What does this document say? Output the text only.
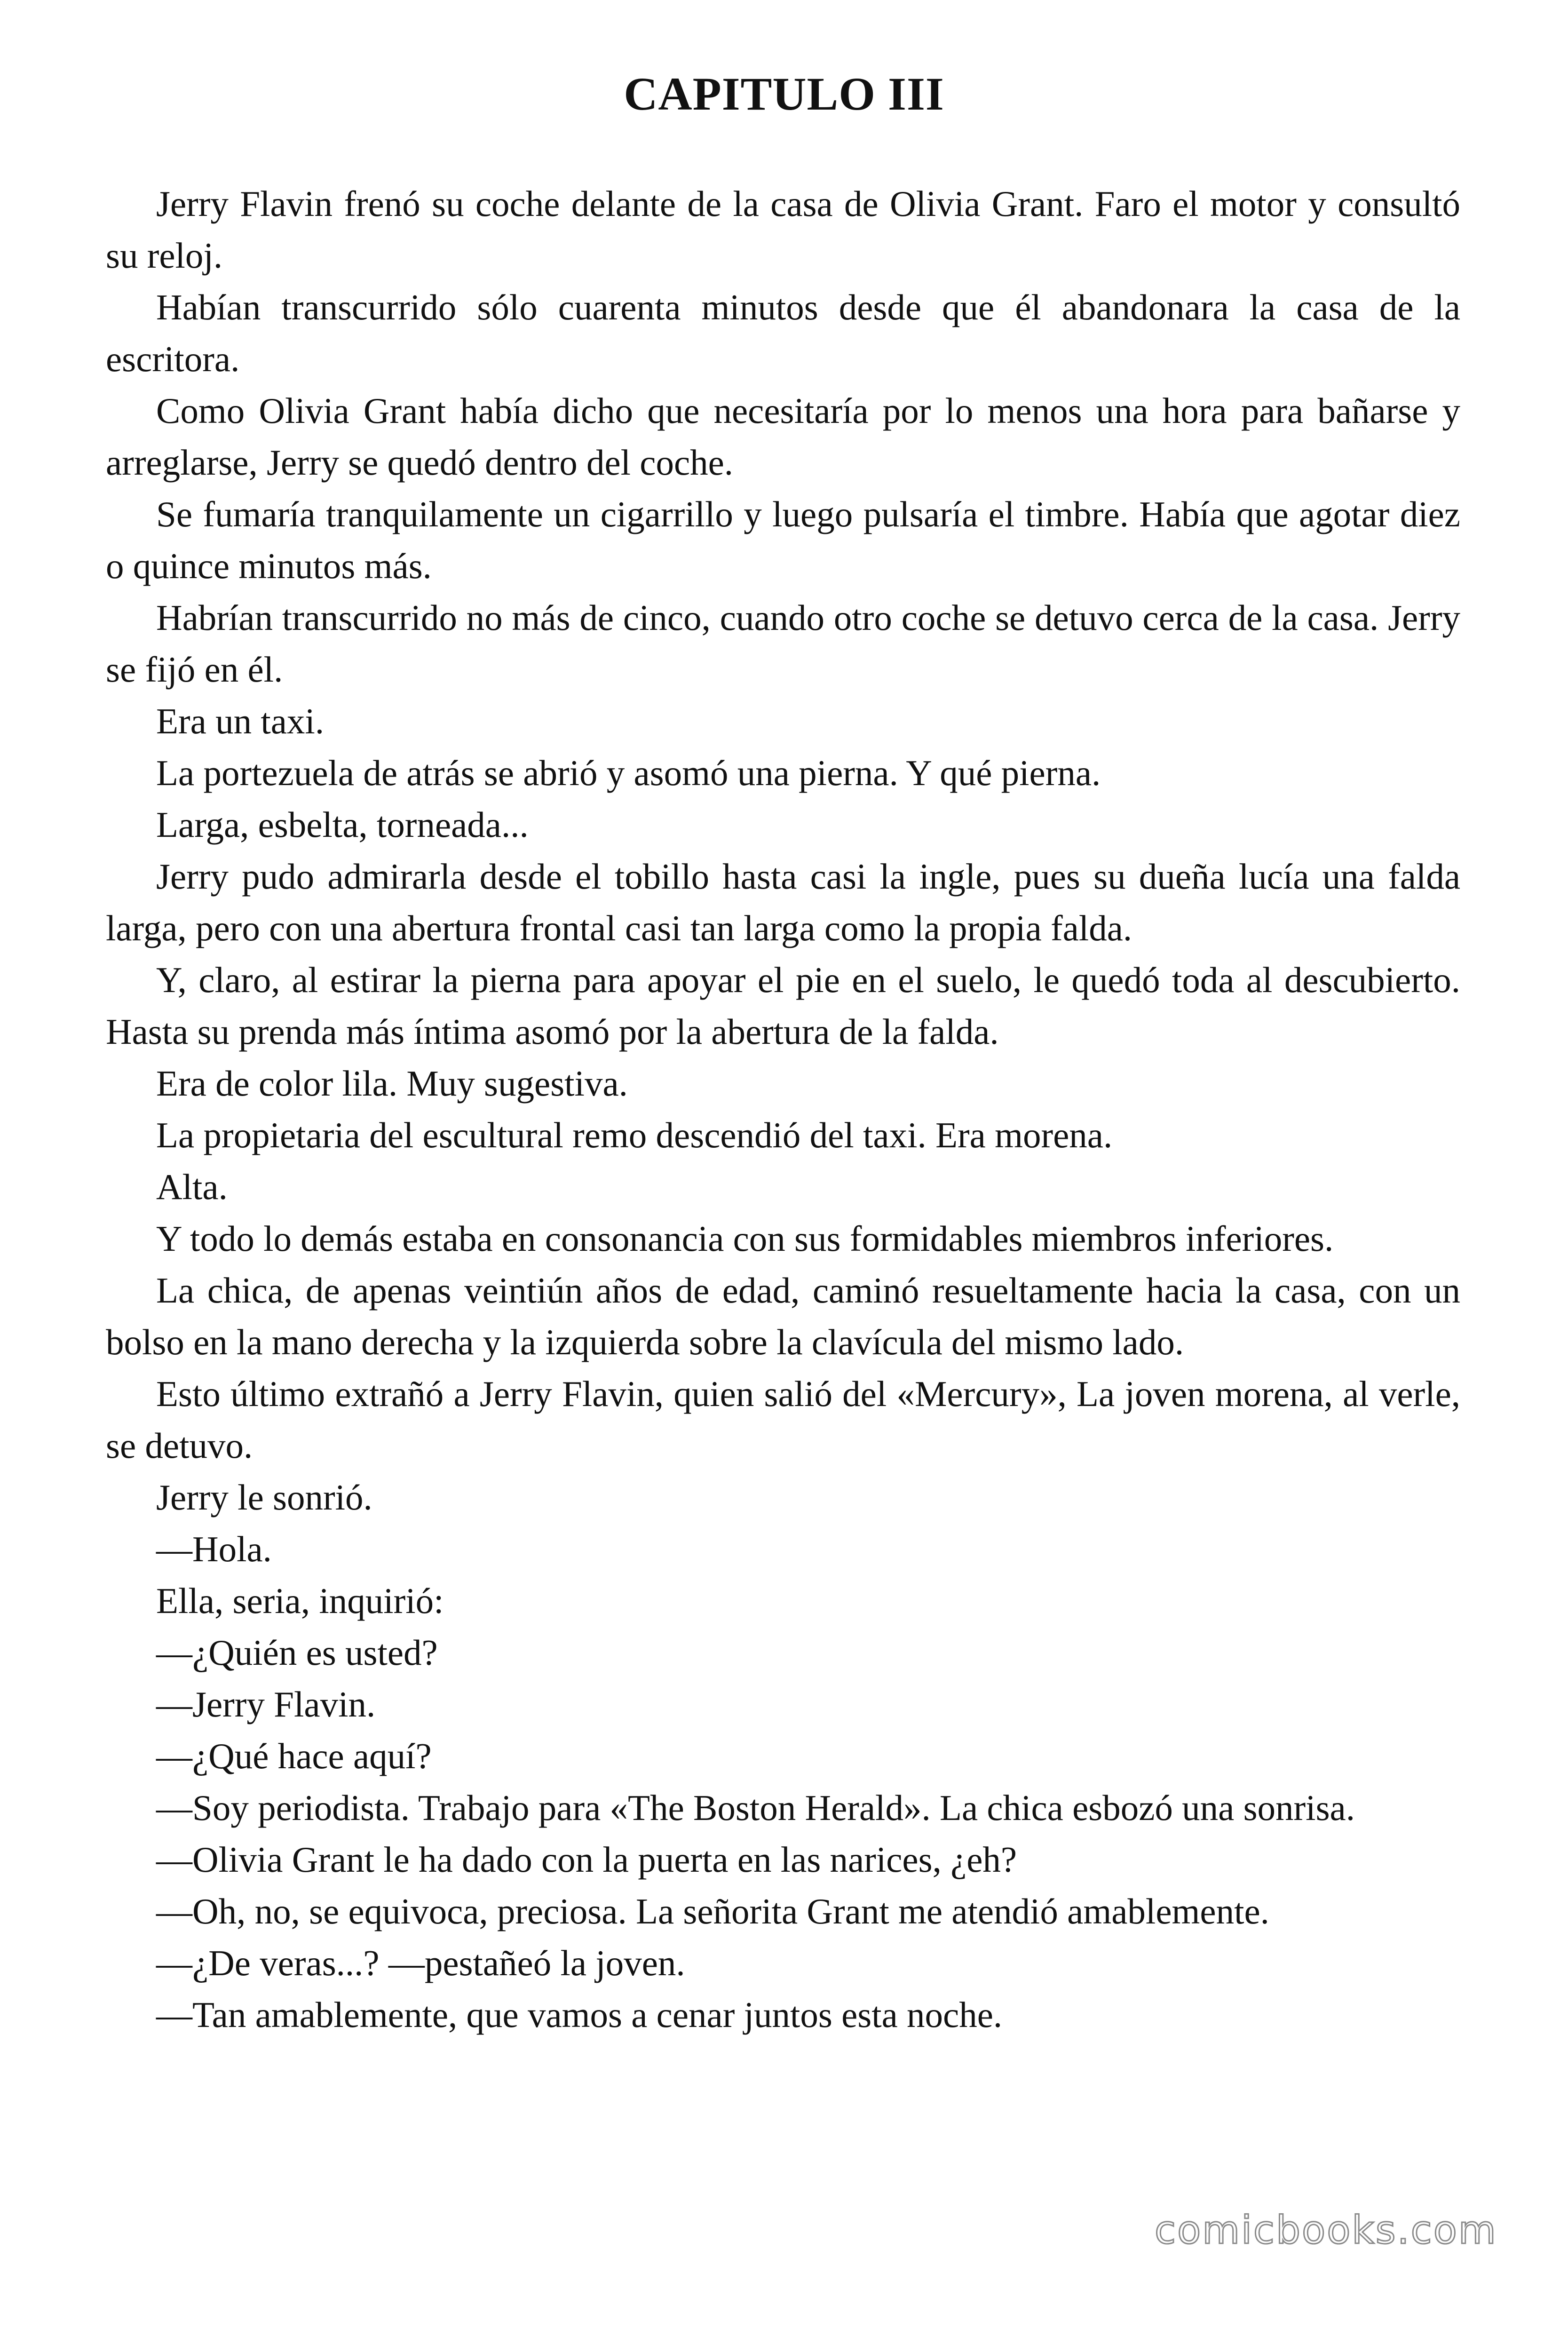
CAPITULO III

Jerry Flavin frenó su coche delante de la casa de Olivia Grant. Faro el motor y consultó su reloj.

Habían transcurrido sólo cuarenta minutos desde que él abandonara la casa de la escritora.

Como Olivia Grant había dicho que necesitaría por lo menos una hora para bañarse y arreglarse, Jerry se quedó dentro del coche.

Se fumaría tranquilamente un cigarrillo y luego pulsaría el timbre. Había que agotar diez o quince minutos más.

Habrían transcurrido no más de cinco, cuando otro coche se detuvo cerca de la casa. Jerry se fijó en él.

Era un taxi.

La portezuela de atrás se abrió y asomó una pierna. Y qué pierna.

Larga, esbelta, torneada...

Jerry pudo admirarla desde el tobillo hasta casi la ingle, pues su dueña lucía una falda larga, pero con una abertura frontal casi tan larga como la propia falda.

Y, claro, al estirar la pierna para apoyar el pie en el suelo, le quedó toda al descubierto. Hasta su prenda más íntima asomó por la abertura de la falda.

Era de color lila. Muy sugestiva.

La propietaria del escultural remo descendió del taxi. Era morena.

Alta.

Y todo lo demás estaba en consonancia con sus formidables miembros inferiores.

La chica, de apenas veintiún años de edad, caminó resueltamente hacia la casa, con un bolso en la mano derecha y la izquierda sobre la clavícula del mismo lado.

Esto último extrañó a Jerry Flavin, quien salió del «Mercury», La joven morena, al verle, se detuvo.

Jerry le sonrió.

—Hola.

Ella, seria, inquirió:

—¿Quién es usted?

—Jerry Flavin.

—¿Qué hace aquí?

—Soy periodista. Trabajo para «The Boston Herald». La chica esbozó una sonrisa.

—Olivia Grant le ha dado con la puerta en las narices, ¿eh?

—Oh, no, se equivoca, preciosa. La señorita Grant me atendió amablemente.

—¿De veras...? —pestañeó la joven.

—Tan amablemente, que vamos a cenar juntos esta noche.

comicbooks.com
